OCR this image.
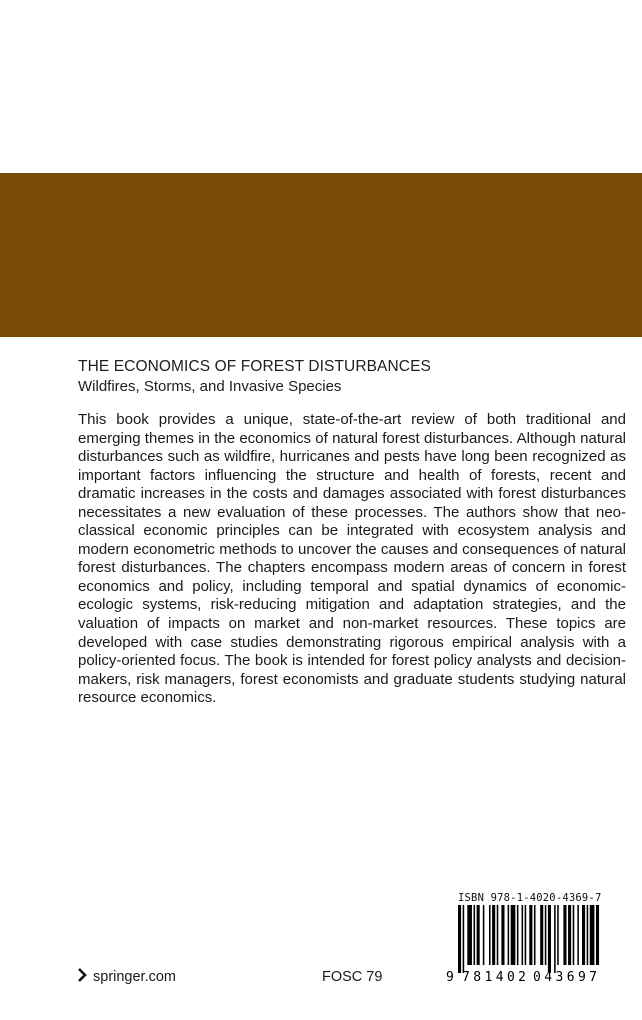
THE ECONOMICS OF FOREST DISTURBANCES
Wildfires, Storms, and Invasive Species

This book provides a unique, state-of-the-art review of both traditional and emerging themes in the economics of natural forest disturbances. Although natural disturbances such as wildfire, hurricanes and pests have long been recognized as important factors influencing the structure and health of forests, recent and dramatic increases in the costs and damages associated with forest disturbances necessitates a new evaluation of these processes. The authors show that neo-classical economic principles can be integrated with ecosystem analysis and modern econometric methods to uncover the causes and consequences of natural forest disturbances. The chapters encompass modern areas of concern in forest economics and policy, including temporal and spatial dynamics of economic-ecologic systems, risk-reducing mitigation and adaptation strategies, and the valuation of impacts on market and non-market resources. These topics are developed with case studies demonstrating rigorous empirical analysis with a policy-oriented focus. The book is intended for forest policy analysts and decision-makers, risk managers, forest economists and graduate students studying natural resource economics.

ISBN 978-1-4020-4369-7
9 781402 043697
springer.com	FOSC 79
